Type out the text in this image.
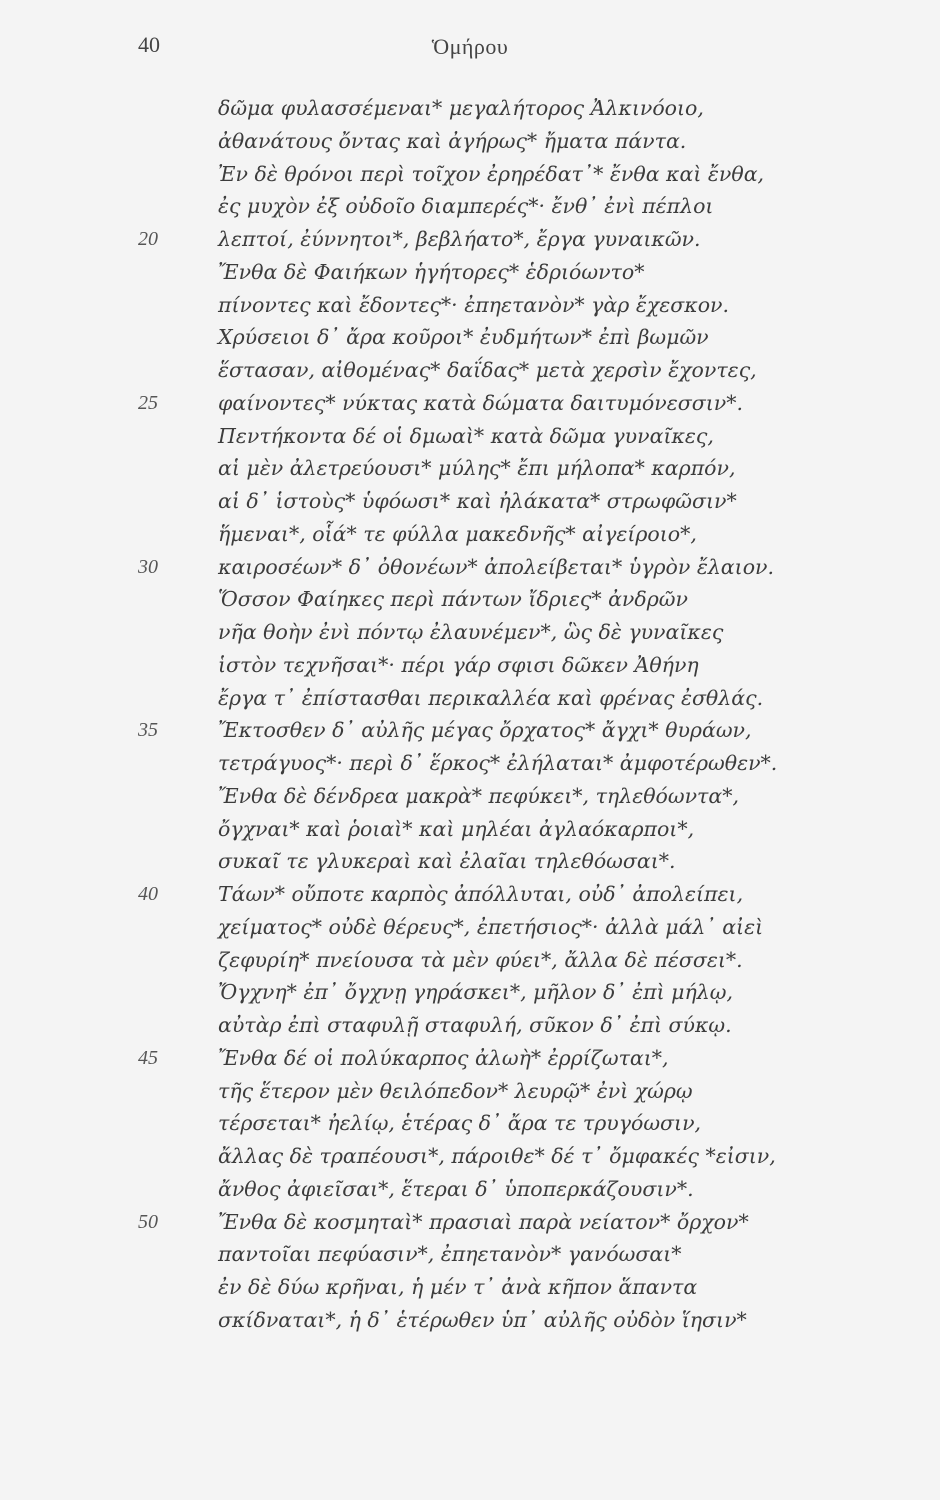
40	Ὁμήρου
δῶμα φυλασσέμεναι* μεγαλήτορος Ἀλκινόοιο,
ἀθανάτους ὄντας καὶ ἀγήρως* ἤματα πάντα.
Ἐν δὲ θρόνοι περὶ τοῖχον ἐρηρέδατ᾽* ἔνθα καὶ ἔνθα,
ἐς μυχὸν ἐξ οὐδοῖο διαμπερές*· ἔνθ᾽ ἐνὶ πέπλοι
20	λεπτοί, ἐύννητοι*, βεβλήατο*, ἔργα γυναικῶν.
Ἔνθα δὲ Φαιήκων ἡγήτορες* ἑδριόωντο*
πίνοντες καὶ ἔδοντες*· ἐπηετανὸν* γὰρ ἔχεσκον.
Χρύσειοι δ᾽ ἄρα κοῦροι* ἐυδμήτων* ἐπὶ βωμῶν
ἕστασαν, αἰθομένας* δαΐδας* μετὰ χερσὶν ἔχοντες,
25	φαίνοντες* νύκτας κατὰ δώματα δαιτυμόνεσσιν*.
Πεντήκοντα δέ οἱ δμωαὶ* κατὰ δῶμα γυναῖκες,
αἱ μὲν ἀλετρεύουσι* μύλης* ἔπι μήλοπα* καρπόν,
αἱ δ᾽ ἱστοὺς* ὑφόωσι* καὶ ἠλάκατα* στρωφῶσιν*
ἥμεναι*, οἷά* τε φύλλα μακεδνῆς* αἰγείροιο*,
30	καιροσέων* δ᾽ ὀθονέων* ἀπολείβεται* ὑγρὸν ἔλαιον.
Ὅσσον Φαίηκες περὶ πάντων ἴδριες* ἀνδρῶν
νῆα θοὴν ἐνὶ πόντῳ ἐλαυνέμεν*, ὣς δὲ γυναῖκες
ἱστὸν τεχνῆσαι*· πέρι γάρ σφισι δῶκεν Ἀθήνη
ἔργα τ᾽ ἐπίστασθαι περικαλλέα καὶ φρένας ἐσθλάς.
35	Ἔκτοσθεν δ᾽ αὐλῆς μέγας ὄρχατος* ἄγχι* θυράων,
τετράγυος*· περὶ δ᾽ ἕρκος* ἐλήλαται* ἀμφοτέρωθεν*.
Ἔνθα δὲ δένδρεα μακρὰ* πεφύκει*, τηλεθόωντα*,
ὄγχναι* καὶ ῥοιαὶ* καὶ μηλέαι ἀγλαόκαρποι*,
συκαῖ τε γλυκεραὶ καὶ ἐλαῖαι τηλεθόωσαι*.
40	Τάων* οὔποτε καρπὸς ἀπόλλυται, οὐδ᾽ ἀπολείπει,
χείματος* οὐδὲ θέρευς*, ἐπετήσιος*· ἀλλὰ μάλ᾽ αἰεὶ
ζεφυρίη* πνείουσα τὰ μὲν φύει*, ἄλλα δὲ πέσσει*.
Ὄγχνη* ἐπ᾽ ὄγχνῃ γηράσκει*, μῆλον δ᾽ ἐπὶ μήλῳ,
αὐτὰρ ἐπὶ σταφυλῇ σταφυλή, σῦκον δ᾽ ἐπὶ σύκῳ.
45	Ἔνθα δέ οἱ πολύκαρπος ἀλωὴ* ἐρρίζωται*,
τῆς ἕτερον μὲν θειλόπεδον* λευρῷ* ἐνὶ χώρῳ
τέρσεται* ἠελίῳ, ἑτέρας δ᾽ ἄρα τε τρυγόωσιν,
ἄλλας δὲ τραπέουσι*, πάροιθε* δέ τ᾽ ὄμφακές *εἰσιν,
ἄνθος ἀφιεῖσαι*, ἕτεραι δ᾽ ὑποπερκάζουσιν*.
50	Ἔνθα δὲ κοσμηταὶ* πρασιαὶ παρὰ νείατον* ὄρχον*
παντοῖαι πεφύασιν*, ἐπηετανὸν* γανόωσαι*
ἐν δὲ δύω κρῆναι, ἡ μέν τ᾽ ἀνὰ κῆπον ἅπαντα
σκίδναται*, ἡ δ᾽ ἑτέρωθεν ὑπ᾽ αὐλῆς οὐδὸν ἵησιν*
